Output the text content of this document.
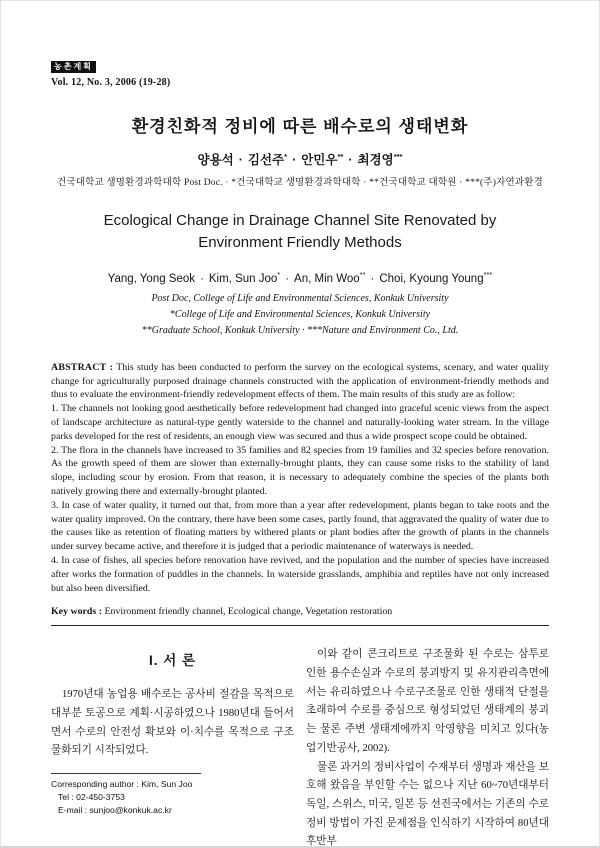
농촌계획
Vol. 12, No. 3, 2006 (19-28)
환경친화적 정비에 따른 배수로의 생태변화
양용석 · 김선주* · 안민우** · 최경영***
건국대학교 생명환경과학대학 Post Doc. · *건국대학교 생명환경과학대학 · **건국대학교 대학원 · ***(주)자연과환경
Ecological Change in Drainage Channel Site Renovated by
Environment Friendly Methods
Yang, Yong Seok · Kim, Sun Joo* · An, Min Woo** · Choi, Kyoung Young***
Post Doc, College of Life and Environmental Sciences, Konkuk University
*College of Life and Environmental Sciences, Konkuk University
**Graduate School, Konkuk University · ***Nature and Environment Co., Ltd.

ABSTRACT : This study has been conducted to perform the survey on the ecological systems, scenary, and water quality change for agriculturally purposed drainage channels constructed with the application of environment-friendly methods and thus to evaluate the environment-friendly redevelopment effects of them. The main results of this study are as follow:

1. The channels not looking good aesthetically before redevelopment had changed into graceful scenic views from the aspect of landscape architecture as natural-type gently waterside to the channel and naturally-looking water stream. In the village parks developed for the rest of residents, an enough view was secured and thus a wide prospect scope could be obtained.

2. The flora in the channels have increased to 35 families and 82 species from 19 families and 32 species before renovation. As the growth speed of them are slower than externally-brought plants, they can cause some risks to the stability of land slope, including scour by erosion. From that reason, it is necessary to adequately combine the species of the plants both natively growing there and externally-brought planted.

3. In case of water quality, it turned out that, from more than a year after redevelopment, plants began to take roots and the water quality improved. On the contrary, there have been some cases, partly found, that aggravated the quality of water due to the causes like as retention of floating matters by withered plants or plant bodies after the growth of plants in the channels under survey became active, and therefore it is judged that a periodic maintenance of waterways is needed.

4. In case of fishes, all species before renovation have revived, and the population and the number of species have increased after works the formation of puddles in the channels. In waterside grasslands, amphibia and reptiles have not only increased but also been diversified.

Key words : Environment friendly channel, Ecological change, Vegetation restoration
I. 서 론

1970년대 농업용 배수로는 공사비 절감을 목적으로 대부분 토공으로 계획·시공하였으나 1980년대 들어서면서 수로의 안전성 확보와 이·치수를 목적으로 구조물화되기 시작되었다.

Corresponding author : Kim, Sun Joo
Tel : 02-450-3753
E-mail : sunjoo@konkuk.ac.kr

이와 같이 콘크리트로 구조물화 된 수로는 삼투로 인한 용수손실과 수로의 붕괴방지 및 유지관리측면에서는 유리하였으나 수로구조물로 인한 생태적 단절을 초래하여 수로를 중심으로 형성되었던 생태계의 붕괴는 물론 주변 생태계에까지 악영향을 미치고 있다(농업기반공사, 2002).

물론 과거의 정비사업이 수재부터 생명과 재산을 보호해 왔음을 부인할 수는 없으나 지난 60~70년대부터 독일, 스위스, 미국, 일본 등 선진국에서는 기존의 수로정비 방법이 가진 문제점을 인식하기 시작하여 80년대 후반부
